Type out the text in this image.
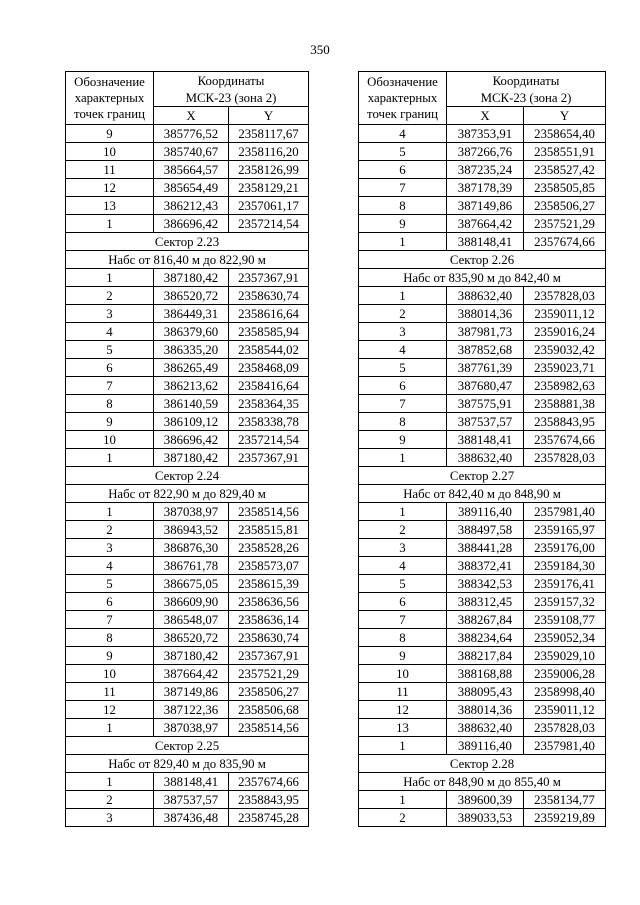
350
Обозначение
характерных
точек границ	Координаты	
	МСК-23 (зона 2)	
	X	Y
9	385776,52	2358117,67
10	385740,67	2358116,20
11	385664,57	2358126,99
12	385654,49	2358129,21
13	386212,43	2357061,17
1	386696,42	2357214,54
Сектор 2.23		
Набс от 816,40 м до 822,90 м		
1	387180,42	2357367,91
2	386520,72	2358630,74
3	386449,31	2358616,64
4	386379,60	2358585,94
5	386335,20	2358544,02
6	386265,49	2358468,09
7	386213,62	2358416,64
8	386140,59	2358364,35
9	386109,12	2358338,78
10	386696,42	2357214,54
1	387180,42	2357367,91
Сектор 2.24		
Набс от 822,90 м до 829,40 м		
1	387038,97	2358514,56
2	386943,52	2358515,81
3	386876,30	2358528,26
4	386761,78	2358573,07
5	386675,05	2358615,39
6	386609,90	2358636,56
7	386548,07	2358636,14
8	386520,72	2358630,74
9	387180,42	2357367,91
10	387664,42	2357521,29
11	387149,86	2358506,27
12	387122,36	2358506,68
1	387038,97	2358514,56
Сектор 2.25		
Набс от 829,40 м до 835,90 м		
1	388148,41	2357674,66
2	387537,57	2358843,95
3	387436,48	2358745,28
Обозначение
характерных
точек границ	Координаты	
	МСК-23 (зона 2)	
	X	Y
4	387353,91	2358654,40
5	387266,76	2358551,91
6	387235,24	2358527,42
7	387178,39	2358505,85
8	387149,86	2358506,27
9	387664,42	2357521,29
1	388148,41	2357674,66
Сектор 2.26		
Набс от 835,90 м до 842,40 м		
1	388632,40	2357828,03
2	388014,36	2359011,12
3	387981,73	2359016,24
4	387852,68	2359032,42
5	387761,39	2359023,71
6	387680,47	2358982,63
7	387575,91	2358881,38
8	387537,57	2358843,95
9	388148,41	2357674,66
1	388632,40	2357828,03
Сектор 2.27		
Набс от 842,40 м до 848,90 м		
1	389116,40	2357981,40
2	388497,58	2359165,97
3	388441,28	2359176,00
4	388372,41	2359184,30
5	388342,53	2359176,41
6	388312,45	2359157,32
7	388267,84	2359108,77
8	388234,64	2359052,34
9	388217,84	2359029,10
10	388168,88	2359006,28
11	388095,43	2358998,40
12	388014,36	2359011,12
13	388632,40	2357828,03
1	389116,40	2357981,40
Сектор 2.28		
Набс от 848,90 м до 855,40 м		
1	389600,39	2358134,77
2	389033,53	2359219,89
